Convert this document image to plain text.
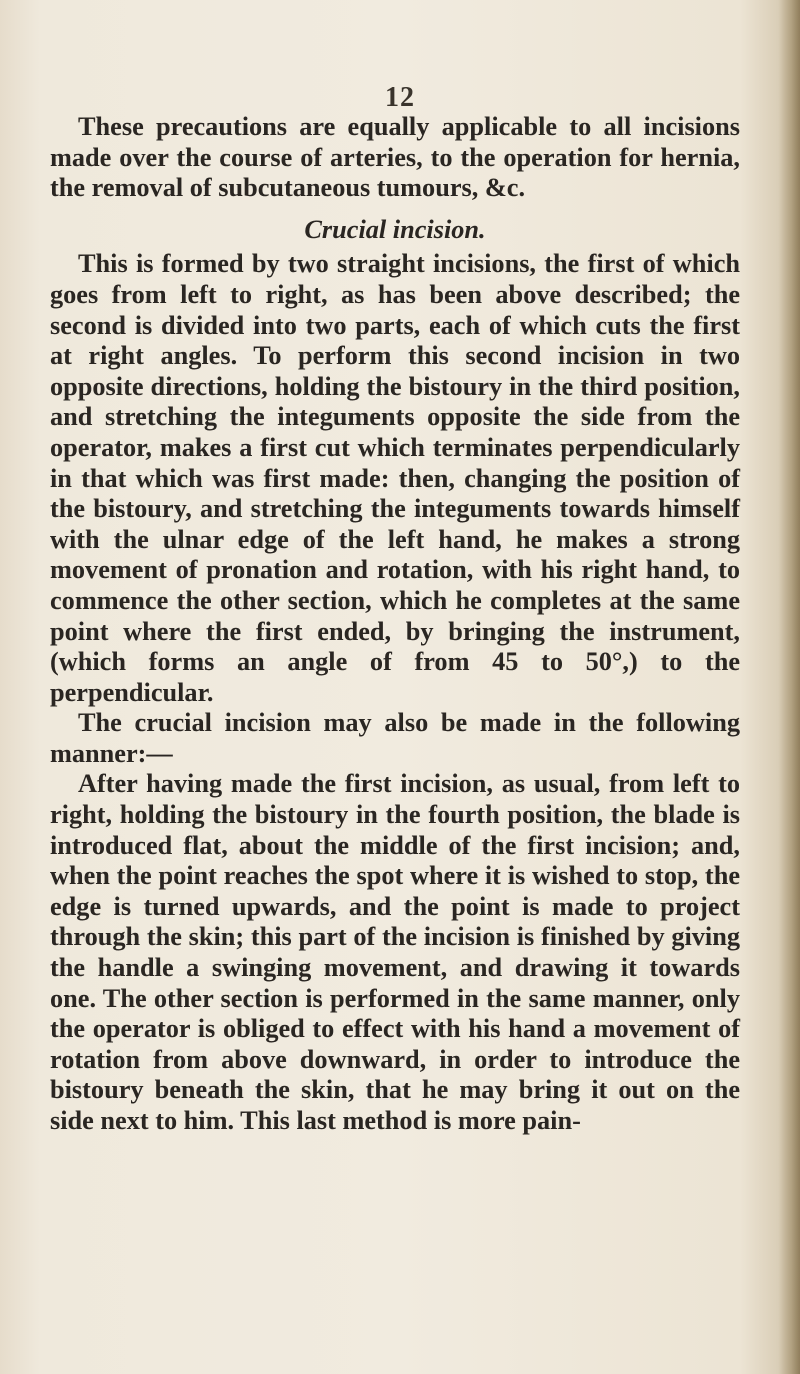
12

These precautions are equally applicable to all incisions made over the course of arteries, to the operation for hernia, the removal of subcutaneous tumours, &c.

Crucial incision.

This is formed by two straight incisions, the first of which goes from left to right, as has been above described; the second is divided into two parts, each of which cuts the first at right angles. To perform this second incision in two opposite directions, holding the bistoury in the third position, and stretching the integuments opposite the side from the operator, makes a first cut which terminates perpendicularly in that which was first made: then, changing the position of the bistoury, and stretching the integuments towards himself with the ulnar edge of the left hand, he makes a strong movement of pronation and rotation, with his right hand, to commence the other section, which he completes at the same point where the first ended, by bringing the instrument, (which forms an angle of from 45 to 50°,) to the perpendicular.

The crucial incision may also be made in the following manner:—

After having made the first incision, as usual, from left to right, holding the bistoury in the fourth position, the blade is introduced flat, about the middle of the first incision; and, when the point reaches the spot where it is wished to stop, the edge is turned upwards, and the point is made to project through the skin; this part of the incision is finished by giving the handle a swinging movement, and drawing it towards one. The other section is performed in the same manner, only the operator is obliged to effect with his hand a movement of rotation from above downward, in order to introduce the bistoury beneath the skin, that he may bring it out on the side next to him. This last method is more pain-
